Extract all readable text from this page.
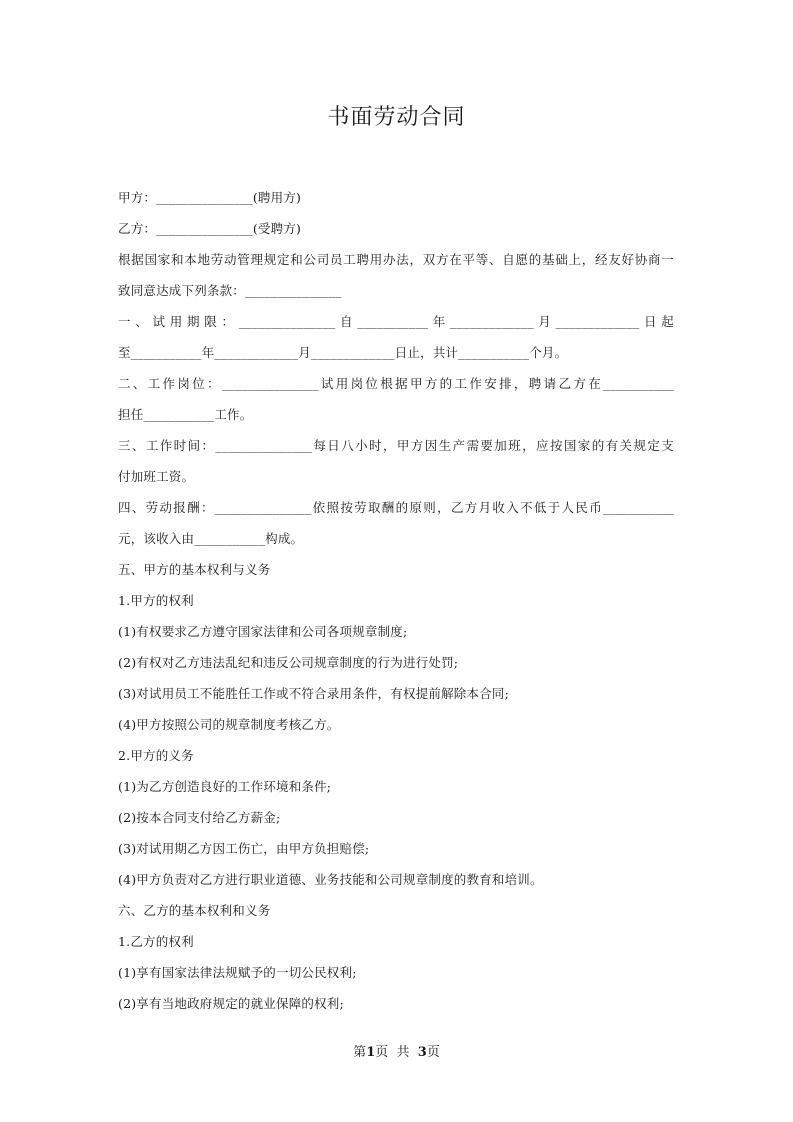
书面劳动合同
甲方：_______________(聘用方)
乙方：_______________(受聘方)
根据国家和本地劳动管理规定和公司员工聘用办法，双方在平等、自愿的基础上，经友好协商一
致同意达成下列条款：_______________
一、试用期限：_______________自___________年_____________月_____________日起
至___________年_____________月_____________日止，共计___________个月。
二、工作岗位：_______________试用岗位根据甲方的工作安排，聘请乙方在___________
担任___________工作。
三、工作时间：_______________每日八小时，甲方因生产需要加班，应按国家的有关规定支
付加班工资。
四、劳动报酬：_______________依照按劳取酬的原则，乙方月收入不低于人民币___________
元，该收入由___________构成。
五、甲方的基本权利与义务
1.甲方的权利
(1)有权要求乙方遵守国家法律和公司各项规章制度;
(2)有权对乙方违法乱纪和违反公司规章制度的行为进行处罚;
(3)对试用员工不能胜任工作或不符合录用条件，有权提前解除本合同;
(4)甲方按照公司的规章制度考核乙方。
2.甲方的义务
(1)为乙方创造良好的工作环境和条件;
(2)按本合同支付给乙方薪金;
(3)对试用期乙方因工伤亡，由甲方负担赔偿;
(4)甲方负责对乙方进行职业道德、业务技能和公司规章制度的教育和培训。
六、乙方的基本权利和义务
1.乙方的权利
(1)享有国家法律法规赋予的一切公民权利;
(2)享有当地政府规定的就业保障的权利;
第1页  共  3页
